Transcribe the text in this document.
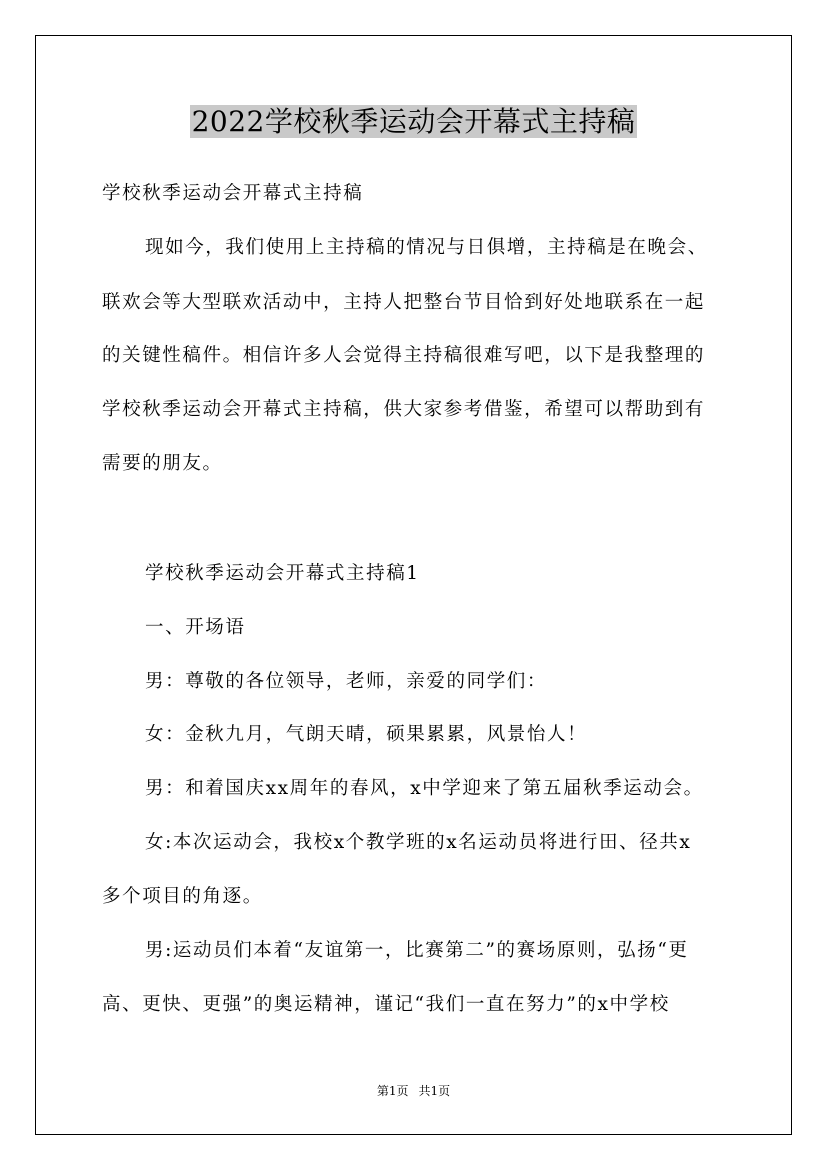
2022学校秋季运动会开幕式主持稿
学校秋季运动会开幕式主持稿
现如今，我们使用上主持稿的情况与日俱增，主持稿是在晚会、
联欢会等大型联欢活动中，主持人把整台节目恰到好处地联系在一起
的关键性稿件。相信许多人会觉得主持稿很难写吧，以下是我整理的
学校秋季运动会开幕式主持稿，供大家参考借鉴，希望可以帮助到有
需要的朋友。
学校秋季运动会开幕式主持稿1
一、开场语
男：尊敬的各位领导，老师，亲爱的同学们：
女：金秋九月，气朗天晴，硕果累累，风景怡人！
男：和着国庆xx周年的春风，x中学迎来了第五届秋季运动会。
女:本次运动会，我校x个教学班的x名运动员将进行田、径共x
多个项目的角逐。
男:运动员们本着“友谊第一，比赛第二”的赛场原则，弘扬“更
高、更快、更强”的奥运精神，谨记“我们一直在努力”的x中学校
第1页 共1页
